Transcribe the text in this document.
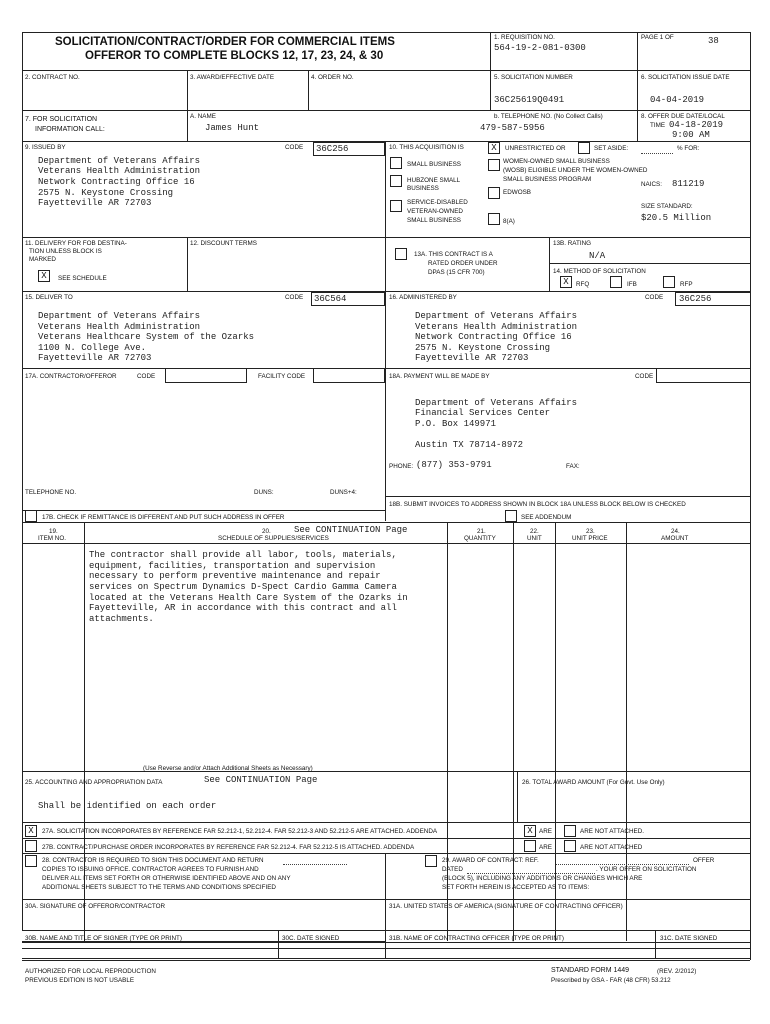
SOLICITATION/CONTRACT/ORDER FOR COMMERCIAL ITEMS
OFFEROR TO COMPLETE BLOCKS 12, 17, 23, 24, & 30
1. REQUISITION NO.
564-19-2-081-0300
PAGE 1 OF	38
2. CONTRACT NO.	3. AWARD/EFFECTIVE DATE	4. ORDER NO.	5. SOLICITATION NUMBER
36C25619Q0491
6. SOLICITATION ISSUE DATE
04-04-2019
7. FOR SOLICITATION
INFORMATION CALL:
A. NAME
James Hunt
b. TELEPHONE NO. (No Collect Calls)
479-587-5956
8. OFFER DUE DATE/LOCAL
TIME 04-18-2019
9:00 AM
9. ISSUED BY	CODE 36C256
Department of Veterans Affairs
Veterans Health Administration
Network Contracting Office 16
2575 N. Keystone Crossing
Fayetteville AR 72703
10. THIS ACQUISITION IS	X	UNRESTRICTED OR	SET ASIDE:	% FOR:
SMALL BUSINESS
HUBZONE SMALL
BUSINESS
SERVICE-DISABLED
VETERAN-OWNED
SMALL BUSINESS
WOMEN-OWNED SMALL BUSINESS
(WOSB) ELIGIBLE UNDER THE WOMEN-OWNED
SMALL BUSINESS PROGRAM
EDWOSB
8(A)
NAICS: 811219
SIZE STANDARD:
$20.5 Million
11. DELIVERY FOR FOB DESTINA-
TION UNLESS BLOCK IS
MARKED
X	SEE SCHEDULE
12. DISCOUNT TERMS
13A. THIS CONTRACT IS A
RATED ORDER UNDER
DPAS (15 CFR 700)
13B. RATING
N/A
14. METHOD OF SOLICITATION
X	RFQ	IFB	RFP
15. DELIVER TO	CODE 36C564
Department of Veterans Affairs
Veterans Health Administration
Veterans Healthcare System of the Ozarks
1100 N. College Ave.
Fayetteville AR 72703
16. ADMINISTERED BY	CODE 36C256
Department of Veterans Affairs
Veterans Health Administration
Network Contracting Office 16
2575 N. Keystone Crossing
Fayetteville AR 72703
17A. CONTRACTOR/OFFEROR	CODE	FACILITY CODE
TELEPHONE NO.	DUNS:	DUNS+4:
17B. CHECK IF REMITTANCE IS DIFFERENT AND PUT SUCH ADDRESS IN OFFER
18A. PAYMENT WILL BE MADE BY	CODE
Department of Veterans Affairs
Financial Services Center
P.O. Box 149971
Austin TX 78714-8972
PHONE: (877) 353-9791	FAX:
18B. SUBMIT INVOICES TO ADDRESS SHOWN IN BLOCK 18A UNLESS BLOCK BELOW IS CHECKED
SEE ADDENDUM
19.
ITEM NO.
20.	See CONTINUATION Page
SCHEDULE OF SUPPLIES/SERVICES
21.
QUANTITY
22.
UNIT
23.
UNIT PRICE
24.
AMOUNT
The contractor shall provide all labor, tools, materials,
equipment, facilities, transportation and supervision
necessary to perform preventive maintenance and repair
services on Spectrum Dynamics D-Spect Cardio Gamma Camera
located at the Veterans Health Care System of the Ozarks in
Fayetteville, AR in accordance with this contract and all
attachments.
(Use Reverse and/or Attach Additional Sheets as Necessary)
25. ACCOUNTING AND APPROPRIATION DATA	See CONTINUATION Page
Shall be identified on each order
26. TOTAL AWARD AMOUNT (For Govt. Use Only)
X	27A. SOLICITATION INCORPORATES BY REFERENCE FAR 52.212-1, 52.212-4. FAR 52.212-3 AND 52.212-5 ARE ATTACHED. ADDENDA	X ARE	ARE NOT ATTACHED.
27B. CONTRACT/PURCHASE ORDER INCORPORATES BY REFERENCE FAR 52.212-4. FAR 52.212-5 IS ATTACHED. ADDENDA	ARE	ARE NOT ATTACHED
28. CONTRACTOR IS REQUIRED TO SIGN THIS DOCUMENT AND RETURN
COPIES TO ISSUING OFFICE. CONTRACTOR AGREES TO FURNISH AND
DELIVER ALL ITEMS SET FORTH OR OTHERWISE IDENTIFIED ABOVE AND ON ANY
ADDITIONAL SHEETS SUBJECT TO THE TERMS AND CONDITIONS SPECIFIED
29. AWARD OF CONTRACT: REF.	OFFER
DATED	. YOUR OFFER ON SOLICITATION
(BLOCK 5), INCLUDING ANY ADDITIONS OR CHANGES WHICH ARE
SET FORTH HEREIN IS ACCEPTED AS TO ITEMS:
30A. SIGNATURE OF OFFEROR/CONTRACTOR	31A. UNITED STATES OF AMERICA (SIGNATURE OF CONTRACTING OFFICER)
30B. NAME AND TITLE OF SIGNER (TYPE OR PRINT)	30C. DATE SIGNED	31B. NAME OF CONTRACTING OFFICER (TYPE OR PRINT)	31C. DATE SIGNED
AUTHORIZED FOR LOCAL REPRODUCTION
PREVIOUS EDITION IS NOT USABLE
STANDARD FORM 1449	(REV. 2/2012)
Prescribed by GSA - FAR (48 CFR) 53.212
